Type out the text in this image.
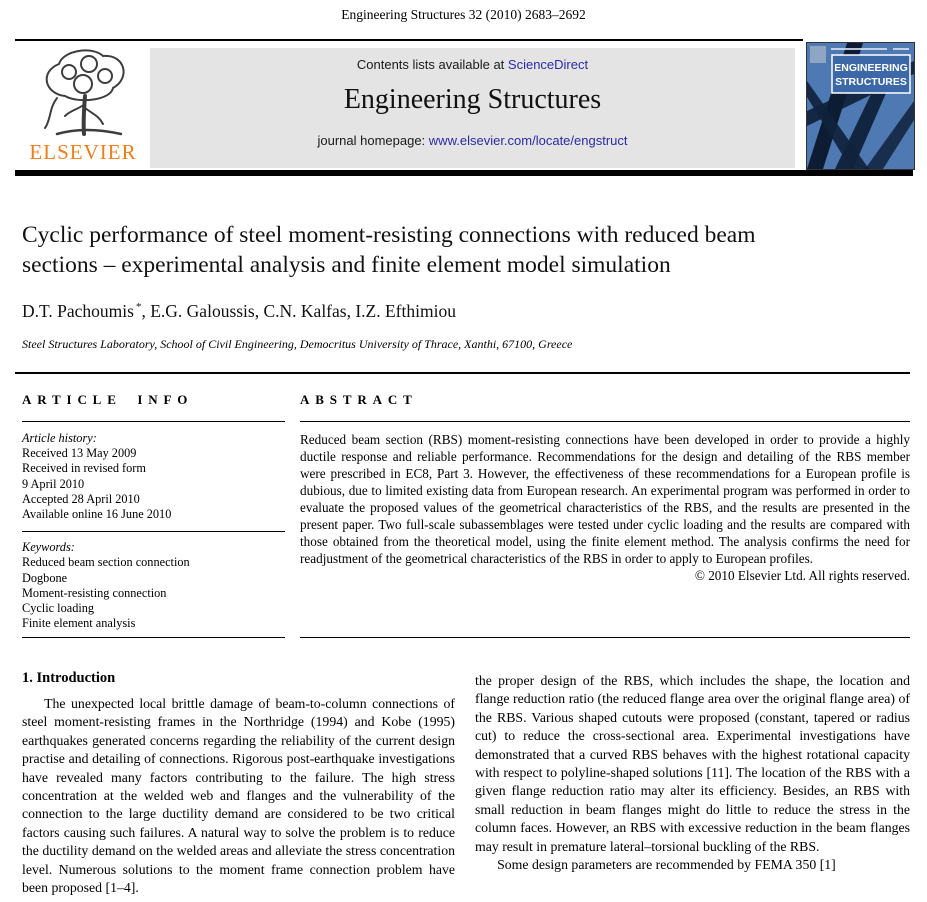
Engineering Structures 32 (2010) 2683–2692
ELSEVIER
Contents lists available at ScienceDirect
Engineering Structures
journal homepage: www.elsevier.com/locate/engstruct
ENGINEERING
STRUCTURES
Cyclic performance of steel moment-resisting connections with reduced beam
sections – experimental analysis and finite element model simulation
D.T. Pachoumis *, E.G. Galoussis, C.N. Kalfas, I.Z. Efthimiou
Steel Structures Laboratory, School of Civil Engineering, Democritus University of Thrace, Xanthi, 67100, Greece
ARTICLE INFO
Article history:
Received 13 May 2009
Received in revised form
9 April 2010
Accepted 28 April 2010
Available online 16 June 2010
Keywords:
Reduced beam section connection
Dogbone
Moment-resisting connection
Cyclic loading
Finite element analysis
ABSTRACT
Reduced beam section (RBS) moment-resisting connections have been developed in order to provide a highly ductile response and reliable performance. Recommendations for the design and detailing of the RBS member were prescribed in EC8, Part 3. However, the effectiveness of these recommendations for a European profile is dubious, due to limited existing data from European research. An experimental program was performed in order to evaluate the proposed values of the geometrical characteristics of the RBS, and the results are presented in the present paper. Two full-scale subassemblages were tested under cyclic loading and the results are compared with those obtained from the theoretical model, using the finite element method. The analysis confirms the need for readjustment of the geometrical characteristics of the RBS in order to apply to European profiles.
© 2010 Elsevier Ltd. All rights reserved.
1. Introduction

The unexpected local brittle damage of beam-to-column connections of steel moment-resisting frames in the Northridge (1994) and Kobe (1995) earthquakes generated concerns regarding the reliability of the current design practise and detailing of connections. Rigorous post-earthquake investigations have revealed many factors contributing to the failure. The high stress concentration at the welded web and flanges and the vulnerability of the connection to the large ductility demand are considered to be two critical factors causing such failures. A natural way to solve the problem is to reduce the ductility demand on the welded areas and alleviate the stress concentration level. Numerous solutions to the moment frame connection problem have been proposed [1–4].

the proper design of the RBS, which includes the shape, the location and flange reduction ratio (the reduced flange area over the original flange area) of the RBS. Various shaped cutouts were proposed (constant, tapered or radius cut) to reduce the cross-sectional area. Experimental investigations have demonstrated that a curved RBS behaves with the highest rotational capacity with respect to polyline-shaped solutions [11]. The location of the RBS with a given flange reduction ratio may alter its efficiency. Besides, an RBS with small reduction in beam flanges might do little to reduce the stress in the column faces. However, an RBS with excessive reduction in the beam flanges may result in premature lateral–torsional buckling of the RBS.

Some design parameters are recommended by FEMA 350 [1]
